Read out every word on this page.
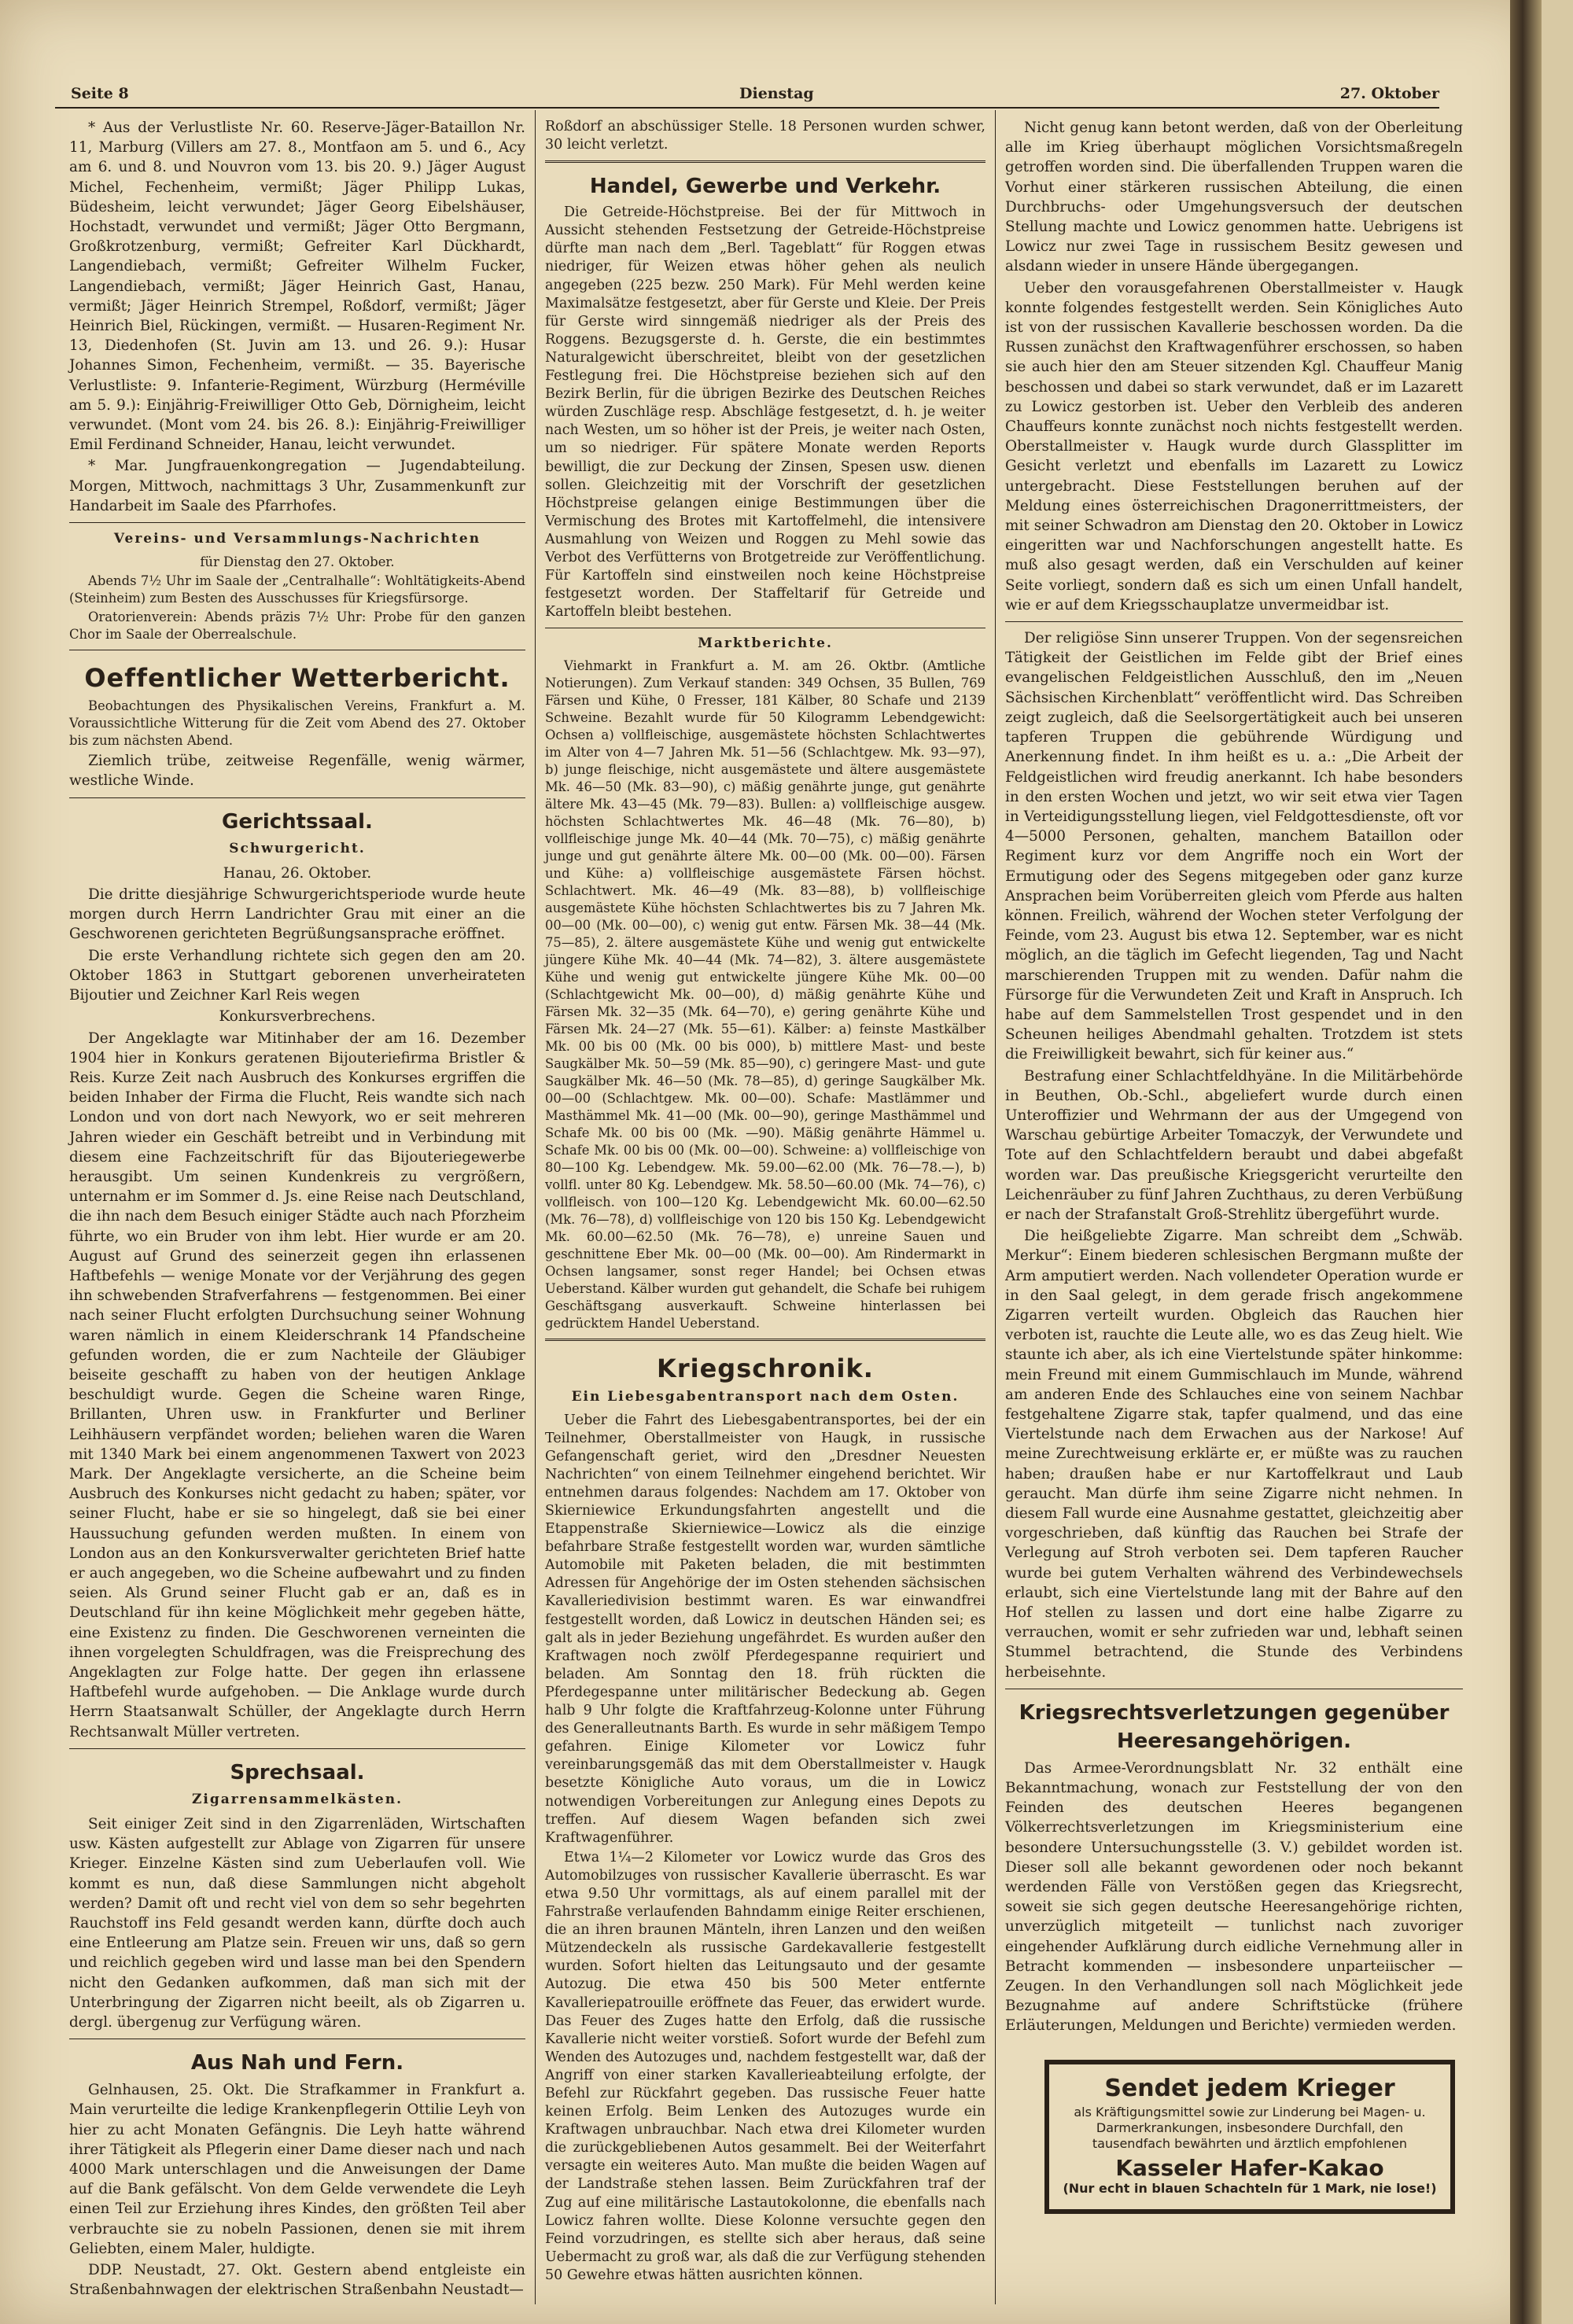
Seite 8	Dienstag	27. Oktober

* Aus der Verlustliste Nr. 60. Reserve-Jäger-Bataillon Nr. 11, Marburg (Villers am 27. 8., Montfaon am 5. und 6., Acy am 6. und 8. und Nouvron vom 13. bis 20. 9.) Jäger August Michel, Fechenheim, vermißt; Jäger Philipp Lukas, Büdesheim, leicht verwundet; Jäger Georg Eibelshäuser, Hochstadt, verwundet und vermißt; Jäger Otto Bergmann, Großkrotzenburg, vermißt; Gefreiter Karl Dückhardt, Langendiebach, vermißt; Gefreiter Wilhelm Fucker, Langendiebach, vermißt; Jäger Heinrich Gast, Hanau, vermißt; Jäger Heinrich Strempel, Roßdorf, vermißt; Jäger Heinrich Biel, Rückingen, vermißt. — Husaren-Regiment Nr. 13, Diedenhofen (St. Juvin am 13. und 26. 9.): Husar Johannes Simon, Fechenheim, vermißt. — 35. Bayerische Verlustliste: 9. Infanterie-Regiment, Würzburg (Herméville am 5. 9.): Einjährig-Freiwilliger Otto Geb, Dörnigheim, leicht verwundet. (Mont vom 24. bis 26. 8.): Einjährig-Freiwilliger Emil Ferdinand Schneider, Hanau, leicht verwundet.

* Mar. Jungfrauenkongregation — Jugendabteilung. Morgen, Mittwoch, nachmittags 3 Uhr, Zusammenkunft zur Handarbeit im Saale des Pfarrhofes.

Vereins- und Versammlungs-Nachrichten

für Dienstag den 27. Oktober.

Abends 7½ Uhr im Saale der „Centralhalle“: Wohltätigkeits-Abend (Steinheim) zum Besten des Ausschusses für Kriegsfürsorge.

Oratorienverein: Abends präzis 7½ Uhr: Probe für den ganzen Chor im Saale der Oberrealschule.

Oeffentlicher Wetterbericht.

Beobachtungen des Physikalischen Vereins, Frankfurt a. M. Voraussichtliche Witterung für die Zeit vom Abend des 27. Oktober bis zum nächsten Abend.

Ziemlich trübe, zeitweise Regenfälle, wenig wärmer, westliche Winde.

Gerichtssaal.
Schwurgericht.

Hanau, 26. Oktober.

Die dritte diesjährige Schwurgerichtsperiode wurde heute morgen durch Herrn Landrichter Grau mit einer an die Geschworenen gerichteten Begrüßungsansprache eröffnet.

Die erste Verhandlung richtete sich gegen den am 20. Oktober 1863 in Stuttgart geborenen unverheirateten Bijoutier und Zeichner Karl Reis wegen

Konkursverbrechens.

Der Angeklagte war Mitinhaber der am 16. Dezember 1904 hier in Konkurs geratenen Bijouteriefirma Bristler & Reis. Kurze Zeit nach Ausbruch des Konkurses ergriffen die beiden Inhaber der Firma die Flucht, Reis wandte sich nach London und von dort nach Newyork, wo er seit mehreren Jahren wieder ein Geschäft betreibt und in Verbindung mit diesem eine Fachzeitschrift für das Bijouteriegewerbe herausgibt. Um seinen Kundenkreis zu vergrößern, unternahm er im Sommer d. Js. eine Reise nach Deutschland, die ihn nach dem Besuch einiger Städte auch nach Pforzheim führte, wo ein Bruder von ihm lebt. Hier wurde er am 20. August auf Grund des seinerzeit gegen ihn erlassenen Haftbefehls — wenige Monate vor der Verjährung des gegen ihn schwebenden Strafverfahrens — festgenommen. Bei einer nach seiner Flucht erfolgten Durchsuchung seiner Wohnung waren nämlich in einem Kleiderschrank 14 Pfandscheine gefunden worden, die er zum Nachteile der Gläubiger beiseite geschafft zu haben von der heutigen Anklage beschuldigt wurde. Gegen die Scheine waren Ringe, Brillanten, Uhren usw. in Frankfurter und Berliner Leihhäusern verpfändet worden; beliehen waren die Waren mit 1340 Mark bei einem angenommenen Taxwert von 2023 Mark. Der Angeklagte versicherte, an die Scheine beim Ausbruch des Konkurses nicht gedacht zu haben; später, vor seiner Flucht, habe er sie so hingelegt, daß sie bei einer Haussuchung gefunden werden mußten. In einem von London aus an den Konkursverwalter gerichteten Brief hatte er auch angegeben, wo die Scheine aufbewahrt und zu finden seien. Als Grund seiner Flucht gab er an, daß es in Deutschland für ihn keine Möglichkeit mehr gegeben hätte, eine Existenz zu finden. Die Geschworenen verneinten die ihnen vorgelegten Schuldfragen, was die Freisprechung des Angeklagten zur Folge hatte. Der gegen ihn erlassene Haftbefehl wurde aufgehoben. — Die Anklage wurde durch Herrn Staatsanwalt Schüller, der Angeklagte durch Herrn Rechtsanwalt Müller vertreten.

Sprechsaal.
Zigarrensammelkästen.

Seit einiger Zeit sind in den Zigarrenläden, Wirtschaften usw. Kästen aufgestellt zur Ablage von Zigarren für unsere Krieger. Einzelne Kästen sind zum Ueberlaufen voll. Wie kommt es nun, daß diese Sammlungen nicht abgeholt werden? Damit oft und recht viel von dem so sehr begehrten Rauchstoff ins Feld gesandt werden kann, dürfte doch auch eine Entleerung am Platze sein. Freuen wir uns, daß so gern und reichlich gegeben wird und lasse man bei den Spendern nicht den Gedanken aufkommen, daß man sich mit der Unterbringung der Zigarren nicht beeilt, als ob Zigarren u. dergl. übergenug zur Verfügung wären.

Aus Nah und Fern.

Gelnhausen, 25. Okt. Die Strafkammer in Frankfurt a. Main verurteilte die ledige Krankenpflegerin Ottilie Leyh von hier zu acht Monaten Gefängnis. Die Leyh hatte während ihrer Tätigkeit als Pflegerin einer Dame dieser nach und nach 4000 Mark unterschlagen und die Anweisungen der Dame auf die Bank gefälscht. Von dem Gelde verwendete die Leyh einen Teil zur Erziehung ihres Kindes, den größten Teil aber verbrauchte sie zu nobeln Passionen, denen sie mit ihrem Geliebten, einem Maler, huldigte.

DDP. Neustadt, 27. Okt. Gestern abend entgleiste ein Straßenbahnwagen der elektrischen Straßenbahn Neustadt—

Roßdorf an abschüssiger Stelle. 18 Personen wurden schwer, 30 leicht verletzt.

Handel, Gewerbe und Verkehr.

Die Getreide-Höchstpreise. Bei der für Mittwoch in Aussicht stehenden Festsetzung der Getreide-Höchstpreise dürfte man nach dem „Berl. Tageblatt“ für Roggen etwas niedriger, für Weizen etwas höher gehen als neulich angegeben (225 bezw. 250 Mark). Für Mehl werden keine Maximalsätze festgesetzt, aber für Gerste und Kleie. Der Preis für Gerste wird sinngemäß niedriger als der Preis des Roggens. Bezugsgerste d. h. Gerste, die ein bestimmtes Naturalgewicht überschreitet, bleibt von der gesetzlichen Festlegung frei. Die Höchstpreise beziehen sich auf den Bezirk Berlin, für die übrigen Bezirke des Deutschen Reiches würden Zuschläge resp. Abschläge festgesetzt, d. h. je weiter nach Westen, um so höher ist der Preis, je weiter nach Osten, um so niedriger. Für spätere Monate werden Reports bewilligt, die zur Deckung der Zinsen, Spesen usw. dienen sollen. Gleichzeitig mit der Vorschrift der gesetzlichen Höchstpreise gelangen einige Bestimmungen über die Vermischung des Brotes mit Kartoffelmehl, die intensivere Ausmahlung von Weizen und Roggen zu Mehl sowie das Verbot des Verfütterns von Brotgetreide zur Veröffentlichung. Für Kartoffeln sind einstweilen noch keine Höchstpreise festgesetzt worden. Der Staffeltarif für Getreide und Kartoffeln bleibt bestehen.

Marktberichte.

Viehmarkt in Frankfurt a. M. am 26. Oktbr. (Amtliche Notierungen). Zum Verkauf standen: 349 Ochsen, 35 Bullen, 769 Färsen und Kühe, 0 Fresser, 181 Kälber, 80 Schafe und 2139 Schweine. Bezahlt wurde für 50 Kilogramm Lebendgewicht: Ochsen a) vollfleischige, ausgemästete höchsten Schlachtwertes im Alter von 4—7 Jahren Mk. 51—56 (Schlachtgew. Mk. 93—97), b) junge fleischige, nicht ausgemästete und ältere ausgemästete Mk. 46—50 (Mk. 83—90), c) mäßig genährte junge, gut genährte ältere Mk. 43—45 (Mk. 79—83). Bullen: a) vollfleischige ausgew. höchsten Schlachtwertes Mk. 46—48 (Mk. 76—80), b) vollfleischige junge Mk. 40—44 (Mk. 70—75), c) mäßig genährte junge und gut genährte ältere Mk. 00—00 (Mk. 00—00). Färsen und Kühe: a) vollfleischige ausgemästete Färsen höchst. Schlachtwert. Mk. 46—49 (Mk. 83—88), b) vollfleischige ausgemästete Kühe höchsten Schlachtwertes bis zu 7 Jahren Mk. 00—00 (Mk. 00—00), c) wenig gut entw. Färsen Mk. 38—44 (Mk. 75—85), 2. ältere ausgemästete Kühe und wenig gut entwickelte jüngere Kühe Mk. 40—44 (Mk. 74—82), 3. ältere ausgemästete Kühe und wenig gut entwickelte jüngere Kühe Mk. 00—00 (Schlachtgewicht Mk. 00—00), d) mäßig genährte Kühe und Färsen Mk. 32—35 (Mk. 64—70), e) gering genährte Kühe und Färsen Mk. 24—27 (Mk. 55—61). Kälber: a) feinste Mastkälber Mk. 00 bis 00 (Mk. 00 bis 000), b) mittlere Mast- und beste Saugkälber Mk. 50—59 (Mk. 85—90), c) geringere Mast- und gute Saugkälber Mk. 46—50 (Mk. 78—85), d) geringe Saugkälber Mk. 00—00 (Schlachtgew. Mk. 00—00). Schafe: Mastlämmer und Masthämmel Mk. 41—00 (Mk. 00—90), geringe Masthämmel und Schafe Mk. 00 bis 00 (Mk. —90). Mäßig genährte Hämmel u. Schafe Mk. 00 bis 00 (Mk. 00—00). Schweine: a) vollfleischige von 80—100 Kg. Lebendgew. Mk. 59.00—62.00 (Mk. 76—78.—), b) vollfl. unter 80 Kg. Lebendgew. Mk. 58.50—60.00 (Mk. 74—76), c) vollfleisch. von 100—120 Kg. Lebendgewicht Mk. 60.00—62.50 (Mk. 76—78), d) vollfleischige von 120 bis 150 Kg. Lebendgewicht Mk. 60.00—62.50 (Mk. 76—78), e) unreine Sauen und geschnittene Eber Mk. 00—00 (Mk. 00—00). Am Rindermarkt in Ochsen langsamer, sonst reger Handel; bei Ochsen etwas Ueberstand. Kälber wurden gut gehandelt, die Schafe bei ruhigem Geschäftsgang ausverkauft. Schweine hinterlassen bei gedrücktem Handel Ueberstand.

Kriegschronik.
Ein Liebesgabentransport nach dem Osten.

Ueber die Fahrt des Liebesgabentransportes, bei der ein Teilnehmer, Oberstallmeister von Haugk, in russische Gefangenschaft geriet, wird den „Dresdner Neuesten Nachrichten“ von einem Teilnehmer eingehend berichtet. Wir entnehmen daraus folgendes: Nachdem am 17. Oktober von Skierniewice Erkundungsfahrten angestellt und die Etappenstraße Skierniewice—Lowicz als die einzige befahrbare Straße festgestellt worden war, wurden sämtliche Automobile mit Paketen beladen, die mit bestimmten Adressen für Angehörige der im Osten stehenden sächsischen Kavalleriedivision bestimmt waren. Es war einwandfrei festgestellt worden, daß Lowicz in deutschen Händen sei; es galt als in jeder Beziehung ungefährdet. Es wurden außer den Kraftwagen noch zwölf Pferdegespanne requiriert und beladen. Am Sonntag den 18. früh rückten die Pferdegespanne unter militärischer Bedeckung ab. Gegen halb 9 Uhr folgte die Kraftfahrzeug-Kolonne unter Führung des Generalleutnants Barth. Es wurde in sehr mäßigem Tempo gefahren. Einige Kilometer vor Lowicz fuhr vereinbarungsgemäß das mit dem Oberstallmeister v. Haugk besetzte Königliche Auto voraus, um die in Lowicz notwendigen Vorbereitungen zur Anlegung eines Depots zu treffen. Auf diesem Wagen befanden sich zwei Kraftwagenführer.

Etwa 1¼—2 Kilometer vor Lowicz wurde das Gros des Automobilzuges von russischer Kavallerie überrascht. Es war etwa 9.50 Uhr vormittags, als auf einem parallel mit der Fahrstraße verlaufenden Bahndamm einige Reiter erschienen, die an ihren braunen Mänteln, ihren Lanzen und den weißen Mützendeckeln als russische Gardekavallerie festgestellt wurden. Sofort hielten das Leitungsauto und der gesamte Autozug. Die etwa 450 bis 500 Meter entfernte Kavalleriepatrouille eröffnete das Feuer, das erwidert wurde. Das Feuer des Zuges hatte den Erfolg, daß die russische Kavallerie nicht weiter vorstieß. Sofort wurde der Befehl zum Wenden des Autozuges und, nachdem festgestellt war, daß der Angriff von einer starken Kavallerieabteilung erfolgte, der Befehl zur Rückfahrt gegeben. Das russische Feuer hatte keinen Erfolg. Beim Lenken des Autozuges wurde ein Kraftwagen unbrauchbar. Nach etwa drei Kilometer wurden die zurückgebliebenen Autos gesammelt. Bei der Weiterfahrt versagte ein weiteres Auto. Man mußte die beiden Wagen auf der Landstraße stehen lassen. Beim Zurückfahren traf der Zug auf eine militärische Lastautokolonne, die ebenfalls nach Lowicz fahren wollte. Diese Kolonne versuchte gegen den Feind vorzudringen, es stellte sich aber heraus, daß seine Uebermacht zu groß war, als daß die zur Verfügung stehenden 50 Gewehre etwas hätten ausrichten können.

Nicht genug kann betont werden, daß von der Oberleitung alle im Krieg überhaupt möglichen Vorsichtsmaßregeln getroffen worden sind. Die überfallenden Truppen waren die Vorhut einer stärkeren russischen Abteilung, die einen Durchbruchs- oder Umgehungsversuch der deutschen Stellung machte und Lowicz genommen hatte. Uebrigens ist Lowicz nur zwei Tage in russischem Besitz gewesen und alsdann wieder in unsere Hände übergegangen.

Ueber den vorausgefahrenen Oberstallmeister v. Haugk konnte folgendes festgestellt werden. Sein Königliches Auto ist von der russischen Kavallerie beschossen worden. Da die Russen zunächst den Kraftwagenführer erschossen, so haben sie auch hier den am Steuer sitzenden Kgl. Chauffeur Manig beschossen und dabei so stark verwundet, daß er im Lazarett zu Lowicz gestorben ist. Ueber den Verbleib des anderen Chauffeurs konnte zunächst noch nichts festgestellt werden. Oberstallmeister v. Haugk wurde durch Glassplitter im Gesicht verletzt und ebenfalls im Lazarett zu Lowicz untergebracht. Diese Feststellungen beruhen auf der Meldung eines österreichischen Dragonerrittmeisters, der mit seiner Schwadron am Dienstag den 20. Oktober in Lowicz eingeritten war und Nachforschungen angestellt hatte. Es muß also gesagt werden, daß ein Verschulden auf keiner Seite vorliegt, sondern daß es sich um einen Unfall handelt, wie er auf dem Kriegsschauplatze unvermeidbar ist.

Der religiöse Sinn unserer Truppen. Von der segensreichen Tätigkeit der Geistlichen im Felde gibt der Brief eines evangelischen Feldgeistlichen Ausschluß, den im „Neuen Sächsischen Kirchenblatt“ veröffentlicht wird. Das Schreiben zeigt zugleich, daß die Seelsorgertätigkeit auch bei unseren tapferen Truppen die gebührende Würdigung und Anerkennung findet. In ihm heißt es u. a.: „Die Arbeit der Feldgeistlichen wird freudig anerkannt. Ich habe besonders in den ersten Wochen und jetzt, wo wir seit etwa vier Tagen in Verteidigungsstellung liegen, viel Feldgottesdienste, oft vor 4—5000 Personen, gehalten, manchem Bataillon oder Regiment kurz vor dem Angriffe noch ein Wort der Ermutigung oder des Segens mitgegeben oder ganz kurze Ansprachen beim Vorüberreiten gleich vom Pferde aus halten können. Freilich, während der Wochen steter Verfolgung der Feinde, vom 23. August bis etwa 12. September, war es nicht möglich, an die täglich im Gefecht liegenden, Tag und Nacht marschierenden Truppen mit zu wenden. Dafür nahm die Fürsorge für die Verwundeten Zeit und Kraft in Anspruch. Ich habe auf dem Sammelstellen Trost gespendet und in den Scheunen heiliges Abendmahl gehalten. Trotzdem ist stets die Freiwilligkeit bewahrt, sich für keiner aus.“

Bestrafung einer Schlachtfeldhyäne. In die Militärbehörde in Beuthen, Ob.-Schl., abgeliefert wurde durch einen Unteroffizier und Wehrmann der aus der Umgegend von Warschau gebürtige Arbeiter Tomaczyk, der Verwundete und Tote auf den Schlachtfeldern beraubt und dabei abgefaßt worden war. Das preußische Kriegsgericht verurteilte den Leichenräuber zu fünf Jahren Zuchthaus, zu deren Verbüßung er nach der Strafanstalt Groß-Strehlitz übergeführt wurde.

Die heißgeliebte Zigarre. Man schreibt dem „Schwäb. Merkur“: Einem biederen schlesischen Bergmann mußte der Arm amputiert werden. Nach vollendeter Operation wurde er in den Saal gelegt, in dem gerade frisch angekommene Zigarren verteilt wurden. Obgleich das Rauchen hier verboten ist, rauchte die Leute alle, wo es das Zeug hielt. Wie staunte ich aber, als ich eine Viertelstunde später hinkomme: mein Freund mit einem Gummischlauch im Munde, während am anderen Ende des Schlauches eine von seinem Nachbar festgehaltene Zigarre stak, tapfer qualmend, und das eine Viertelstunde nach dem Erwachen aus der Narkose! Auf meine Zurechtweisung erklärte er, er müßte was zu rauchen haben; draußen habe er nur Kartoffelkraut und Laub geraucht. Man dürfe ihm seine Zigarre nicht nehmen. In diesem Fall wurde eine Ausnahme gestattet, gleichzeitig aber vorgeschrieben, daß künftig das Rauchen bei Strafe der Verlegung auf Stroh verboten sei. Dem tapferen Raucher wurde bei gutem Verhalten während des Verbindewechsels erlaubt, sich eine Viertelstunde lang mit der Bahre auf den Hof stellen zu lassen und dort eine halbe Zigarre zu verrauchen, womit er sehr zufrieden war und, lebhaft seinen Stummel betrachtend, die Stunde des Verbindens herbeisehnte.

Kriegsrechtsverletzungen gegenüber Heeresangehörigen.

Das Armee-Verordnungsblatt Nr. 32 enthält eine Bekanntmachung, wonach zur Feststellung der von den Feinden des deutschen Heeres begangenen Völkerrechtsverletzungen im Kriegsministerium eine besondere Untersuchungsstelle (3. V.) gebildet worden ist. Dieser soll alle bekannt gewordenen oder noch bekannt werdenden Fälle von Verstößen gegen das Kriegsrecht, soweit sie sich gegen deutsche Heeresangehörige richten, unverzüglich mitgeteilt — tunlichst nach zuvoriger eingehender Aufklärung durch eidliche Vernehmung aller in Betracht kommenden — insbesondere unparteiischer — Zeugen. In den Verhandlungen soll nach Möglichkeit jede Bezugnahme auf andere Schriftstücke (frühere Erläuterungen, Meldungen und Berichte) vermieden werden.

Sendet jedem Krieger
als Kräftigungsmittel sowie zur Linderung bei Magen- u. Darmerkrankungen, insbesondere Durchfall, den tausendfach bewährten und ärztlich empfohlenen
Kasseler Hafer-Kakao
(Nur echt in blauen Schachteln für 1 Mark, nie lose!)
